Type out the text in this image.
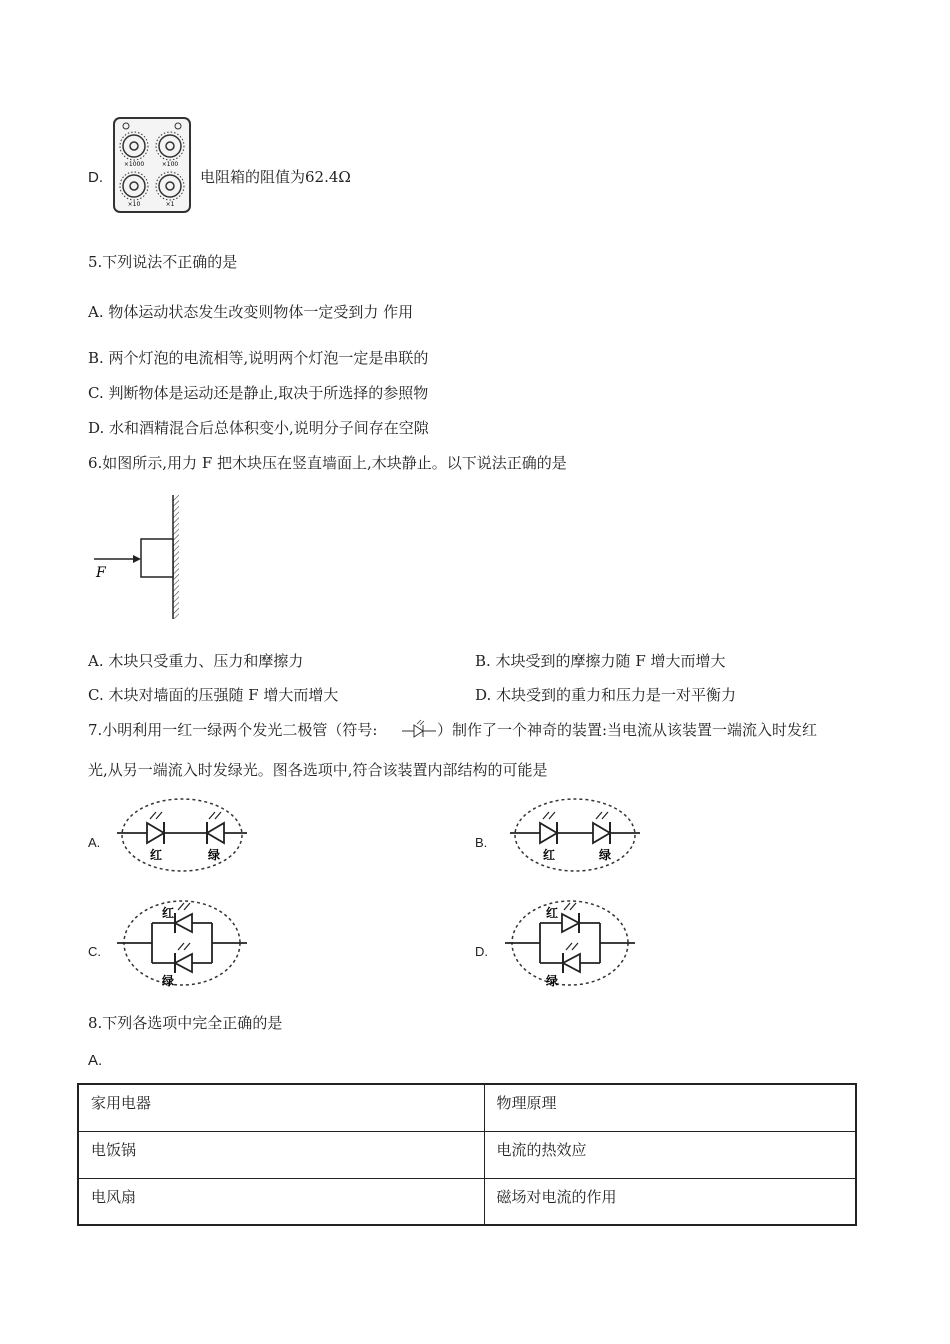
D.
×1000	×100
×10	×1
电阻箱的阻值为62.4Ω
5.下列说法不正确的是
A. 物体运动状态发生改变则物体一定受到力 作用
B. 两个灯泡的电流相等,说明两个灯泡一定是串联的
C. 判断物体是运动还是静止,取决于所选择的参照物
D. 水和酒精混合后总体积变小,说明分子间存在空隙
6.如图所示,用力 F 把木块压在竖直墙面上,木块静止。以下说法正确的是
F
A. 木块只受重力、压力和摩擦力	B. 木块受到的摩擦力随 F 增大而增大
C. 木块对墙面的压强随 F 增大而增大	D. 木块受到的重力和压力是一对平衡力
7.小明利用一红一绿两个发光二极管（符号:	）制作了一个神奇的装置:当电流从该装置一端流入时发红
光,从另一端流入时发绿光。图各选项中,符合该装置内部结构的可能是
A.
红	绿
B.
红	绿
C.
红
绿
D.
红
绿
8.下列各选项中完全正确的是
A.
家用电器	物理原理
电饭锅	电流的热效应
电风扇	磁场对电流的作用
